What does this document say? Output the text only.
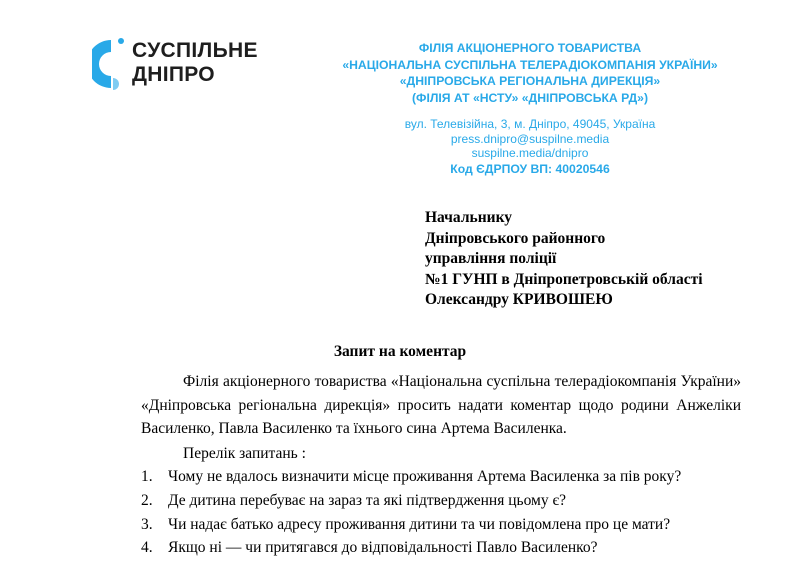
СУСПІЛЬНЕ
ДНІПРО
ФІЛІЯ АКЦІОНЕРНОГО ТОВАРИСТВА
«НАЦІОНАЛЬНА СУСПІЛЬНА ТЕЛЕРАДІОКОМПАНІЯ УКРАЇНИ»
«ДНІПРОВСЬКА РЕГІОНАЛЬНА ДИРЕКЦІЯ»
(ФІЛІЯ АТ «НСТУ» «ДНІПРОВСЬКА РД»)
вул. Телевізійна, 3, м. Дніпро, 49045, Україна
press.dnipro@suspilne.media
suspilne.media/dnipro
Код ЄДРПОУ ВП: 40020546
Начальнику
Дніпровського районного
управління поліції
№1 ГУНП в Дніпропетровській області
Олександру КРИВОШЕЮ
Запит на коментар
Філія акціонерного товариства «Національна суспільна телерадіокомпанія України» «Дніпровська регіональна дирекція» просить надати коментар щодо родини Анжеліки Василенко, Павла Василенко та їхнього сина Артема Василенка.
Перелік запитань :
1. Чому не вдалось визначити місце проживання Артема Василенка за пів року?
2. Де дитина перебуває на зараз та які підтвердження цьому є?
3. Чи надає батько адресу проживання дитини та чи повідомлена про це мати?
4. Якщо ні — чи притягався до відповідальності Павло Василенко?
